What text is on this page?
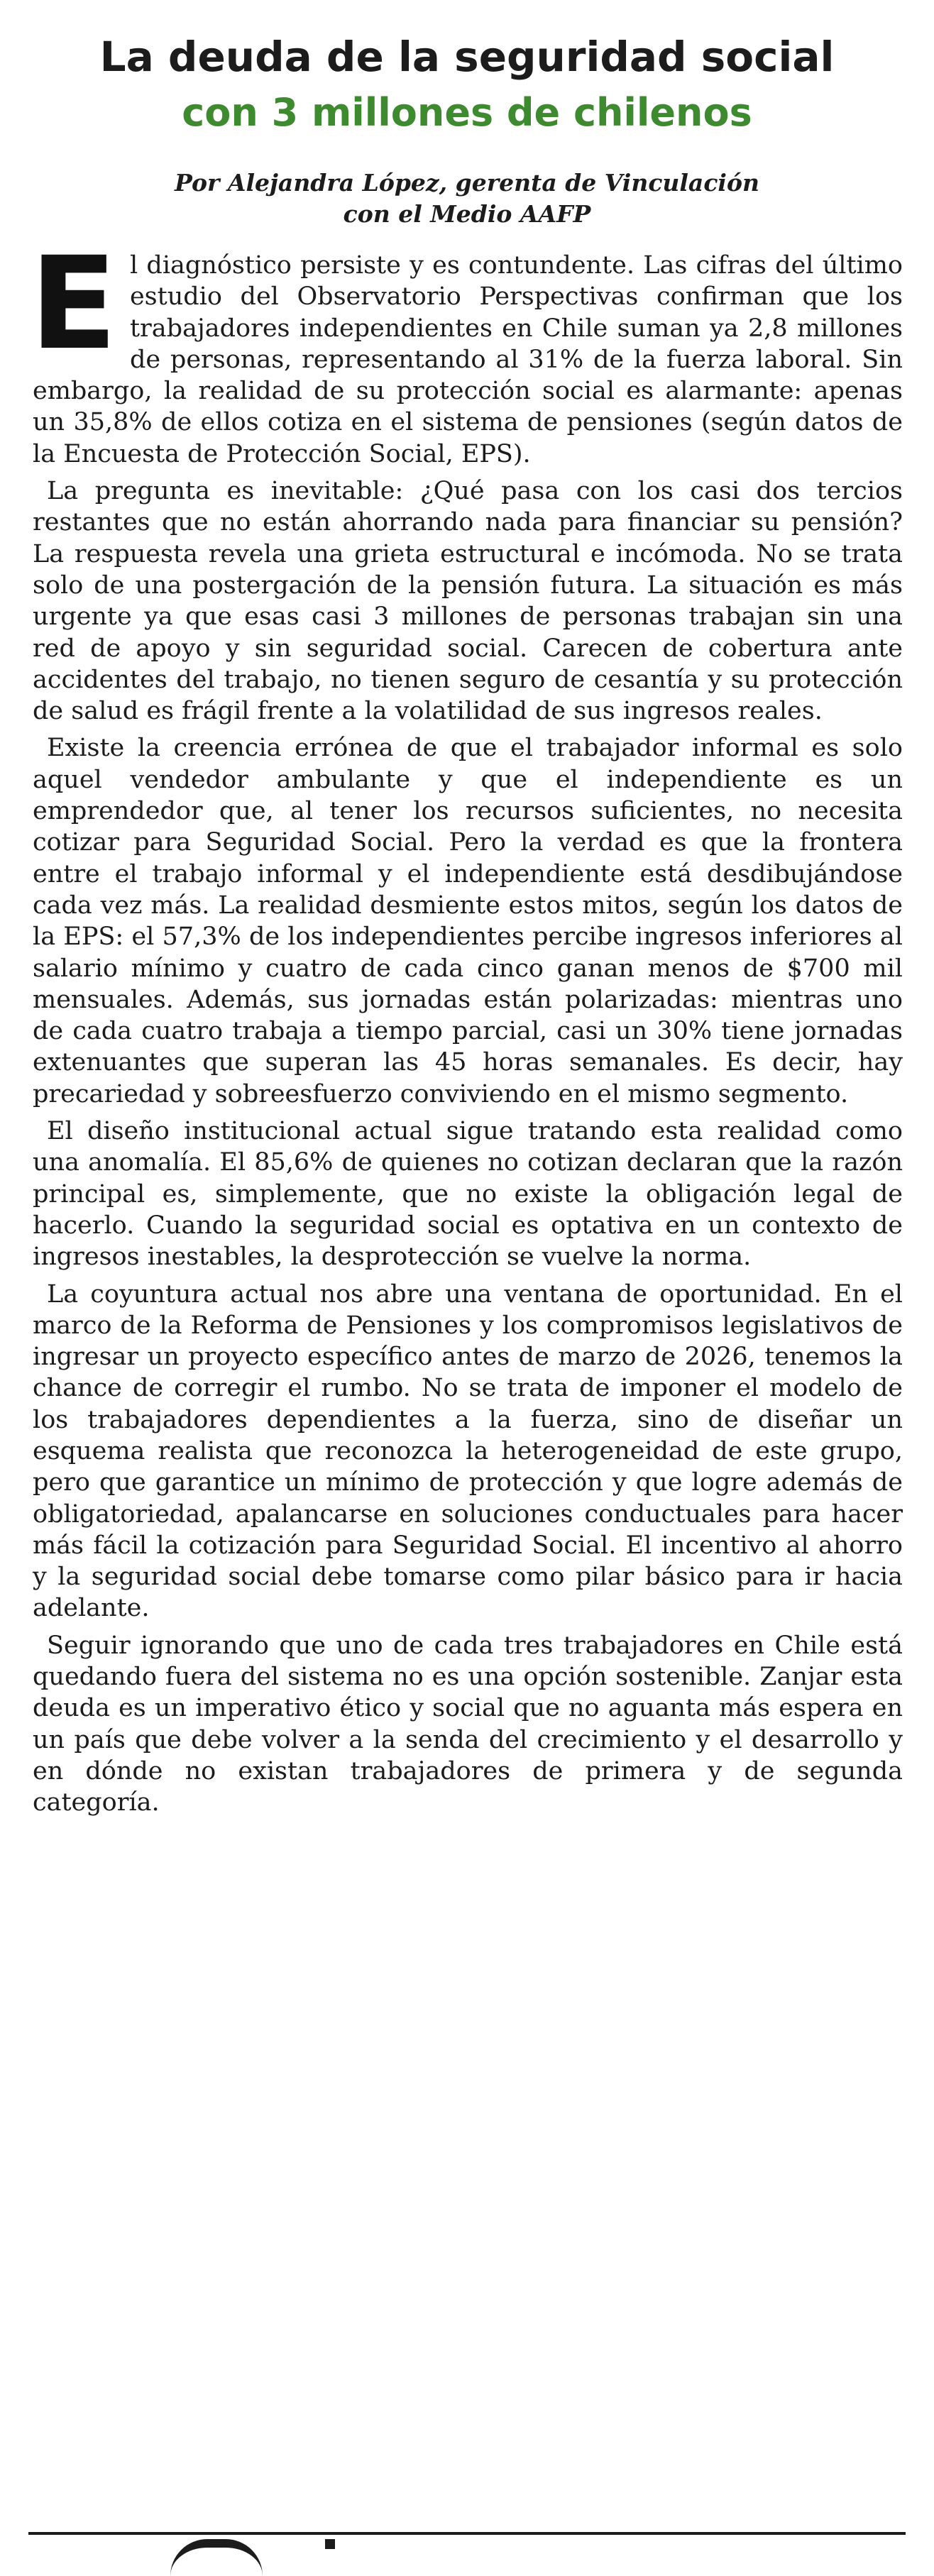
La deuda de la seguridad social
con 3 millones de chilenos
Por Alejandra López, gerenta de Vinculación
con el Medio AAFP

El diagnóstico persiste y es contundente. Las cifras del último estudio del Observatorio Perspectivas confirman que los trabajadores independientes en Chile suman ya 2,8 millones de personas, representando al 31% de la fuerza laboral. Sin embargo, la realidad de su protección social es alarmante: apenas un 35,8% de ellos cotiza en el sistema de pensiones (según datos de la Encuesta de Protección Social, EPS).

La pregunta es inevitable: ¿Qué pasa con los casi dos tercios restantes que no están ahorrando nada para financiar su pensión? La respuesta revela una grieta estructural e incómoda. No se trata solo de una postergación de la pensión futura. La situación es más urgente ya que esas casi 3 millones de personas trabajan sin una red de apoyo y sin seguridad social. Carecen de cobertura ante accidentes del trabajo, no tienen seguro de cesantía y su protección de salud es frágil frente a la volatilidad de sus ingresos reales.

Existe la creencia errónea de que el trabajador informal es solo aquel vendedor ambulante y que el independiente es un emprendedor que, al tener los recursos suficientes, no necesita cotizar para Seguridad Social. Pero la verdad es que la frontera entre el trabajo informal y el independiente está desdibujándose cada vez más. La realidad desmiente estos mitos, según los datos de la EPS: el 57,3% de los independientes percibe ingresos inferiores al salario mínimo y cuatro de cada cinco ganan menos de $700 mil mensuales. Además, sus jornadas están polarizadas: mientras uno de cada cuatro trabaja a tiempo parcial, casi un 30% tiene jornadas extenuantes que superan las 45 horas semanales. Es decir, hay precariedad y sobreesfuerzo conviviendo en el mismo segmento.

El diseño institucional actual sigue tratando esta realidad como una anomalía. El 85,6% de quienes no cotizan declaran que la razón principal es, simplemente, que no existe la obligación legal de hacerlo. Cuando la seguridad social es optativa en un contexto de ingresos inestables, la desprotección se vuelve la norma.

La coyuntura actual nos abre una ventana de oportunidad. En el marco de la Reforma de Pensiones y los compromisos legislativos de ingresar un proyecto específico antes de marzo de 2026, tenemos la chance de corregir el rumbo. No se trata de imponer el modelo de los trabajadores dependientes a la fuerza, sino de diseñar un esquema realista que reconozca la heterogeneidad de este grupo, pero que garantice un mínimo de protección y que logre además de obligatoriedad, apalancarse en soluciones conductuales para hacer más fácil la cotización para Seguridad Social. El incentivo al ahorro y la seguridad social debe tomarse como pilar básico para ir hacia adelante.

Seguir ignorando que uno de cada tres trabajadores en Chile está quedando fuera del sistema no es una opción sostenible. Zanjar esta deuda es un imperativo ético y social que no aguanta más espera en un país que debe volver a la senda del crecimiento y el desarrollo y en dónde no existan trabajadores de primera y de segunda categoría.
